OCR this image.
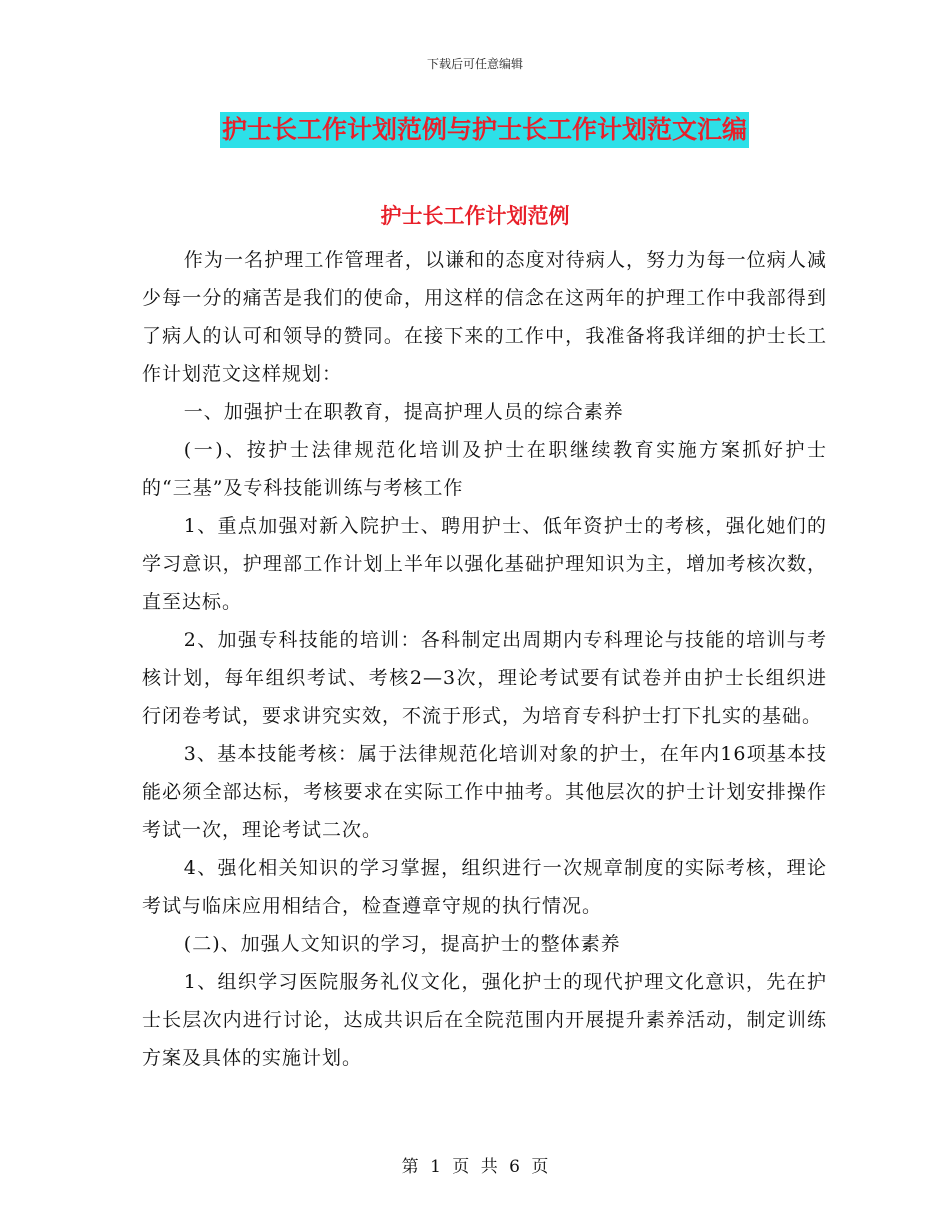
下载后可任意编辑
护士长工作计划范例与护士长工作计划范文汇编
护士长工作计划范例

作为一名护理工作管理者，以谦和的态度对待病人，努力为每一位病人减少每一分的痛苦是我们的使命，用这样的信念在这两年的护理工作中我部得到了病人的认可和领导的赞同。在接下来的工作中，我准备将我详细的护士长工作计划范文这样规划：

一、加强护士在职教育，提高护理人员的综合素养

(一)、按护士法律规范化培训及护士在职继续教育实施方案抓好护士的“三基”及专科技能训练与考核工作

1、重点加强对新入院护士、聘用护士、低年资护士的考核，强化她们的学习意识，护理部工作计划上半年以强化基础护理知识为主，增加考核次数，直至达标。

2、加强专科技能的培训：各科制定出周期内专科理论与技能的培训与考核计划，每年组织考试、考核2—3次，理论考试要有试卷并由护士长组织进行闭卷考试，要求讲究实效，不流于形式，为培育专科护士打下扎实的基础。

3、基本技能考核：属于法律规范化培训对象的护士，在年内16项基本技能必须全部达标，考核要求在实际工作中抽考。其他层次的护士计划安排操作考试一次，理论考试二次。

4、强化相关知识的学习掌握，组织进行一次规章制度的实际考核，理论考试与临床应用相结合，检查遵章守规的执行情况。

(二)、加强人文知识的学习，提高护士的整体素养

1、组织学习医院服务礼仪文化，强化护士的现代护理文化意识，先在护士长层次内进行讨论，达成共识后在全院范围内开展提升素养活动，制定训练方案及具体的实施计划。

第 1 页 共 6 页
